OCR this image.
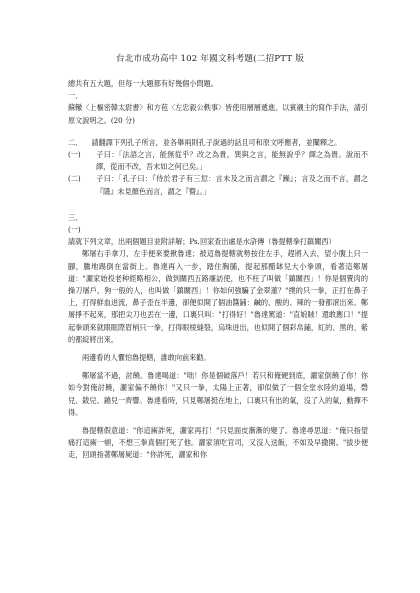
台北市成功高中 102 年國文科考題(二招PTT 版

總共有五大題，但每一大題都有好幾個小問題。

一、

蘇轍〈上樞密韓太尉書〉和方苞〈左忠毅公軼事〉皆使用層層遞進、以賓襯主的寫作手法，請引原文說明之。(20 分)

二、 請翻譯下列孔子所言，並各舉兩則孔子說過的話且可和原文呼應者，並闡釋之。

(一) 子曰：「法語之言，能無從乎？改之為貴。巽與之言，能無說乎？繹之為貴。說而不繹，從而不改，吾末如之何已矣。」

(二) 子曰：「孔子曰：『侍於君子有三愆：言未及之而言謂之『躁』；言及之而不言，謂之『隱』未見顏色而言，謂之『瞽』。」

三、

(一)

請就下列文章，出兩個題目並附詳解；Ps.回家查出處是水滸傳（魯提轄拳打鎮關西）

鄭屠右手拿刀，左手便來要揪魯達；被這魯提轄就勢按住左手，趕將入去，望小腹上只一腳，騰地踢倒在當街上。魯達再入一步，踏住胸脯，提起那醋缽兒大小拳頭，看著這鄭屠道："灑家始投老种經略相公，做到關西五路廉訪使，也不枉了叫做「鎮關西」！你是個賣肉的操刀屠戶，狗一般的人，也叫做「鎮關西」！你如何強騙了金翠蓮？"撲的只一拳，正打在鼻子上，打得鮮血迸流，鼻子歪在半邊，卻便似開了個油醬鋪：鹹的、酸的、辣的一發都滾出來。鄭屠掙不起來，那把尖刀也丟在一邊，口裏只叫："打得好！"魯達罵道："直娘賊！還敢應口！"提起拳頭來就眼眶際眉梢只一拳，打得眼棱縫裂，烏珠迸出，也似開了個彩帛鋪，紅的、黑的、紫的都綻將出來。

兩邊看的人懼怕魯提轄，誰敢向前來勸。

鄭屠當不過，討饒。魯達喝道："咄！你是個破落戶！若只和俺硬到底，灑家倒饒了你！你如今對俺討饒，灑家偏不饒你！"又只一拳，太陽上正著，卻似做了一個全堂水陸的道場，磬兒、鈸兒、鐃兒一齊響。魯達看時，只見鄭屠挺在地上，口裏只有出的氣，沒了入的氣，動撣不得。

魯提轄假意道："你這廝詐死，灑家再打！"只見面皮漸漸的變了。魯達尋思道："俺只指望痛打這廝一頓，不想三拳真個打死了他。灑家須吃官司，又沒人送飯，不如及早撒開。"拔步便走，回頭指著鄭屠屍道："你詐死，灑家和你
